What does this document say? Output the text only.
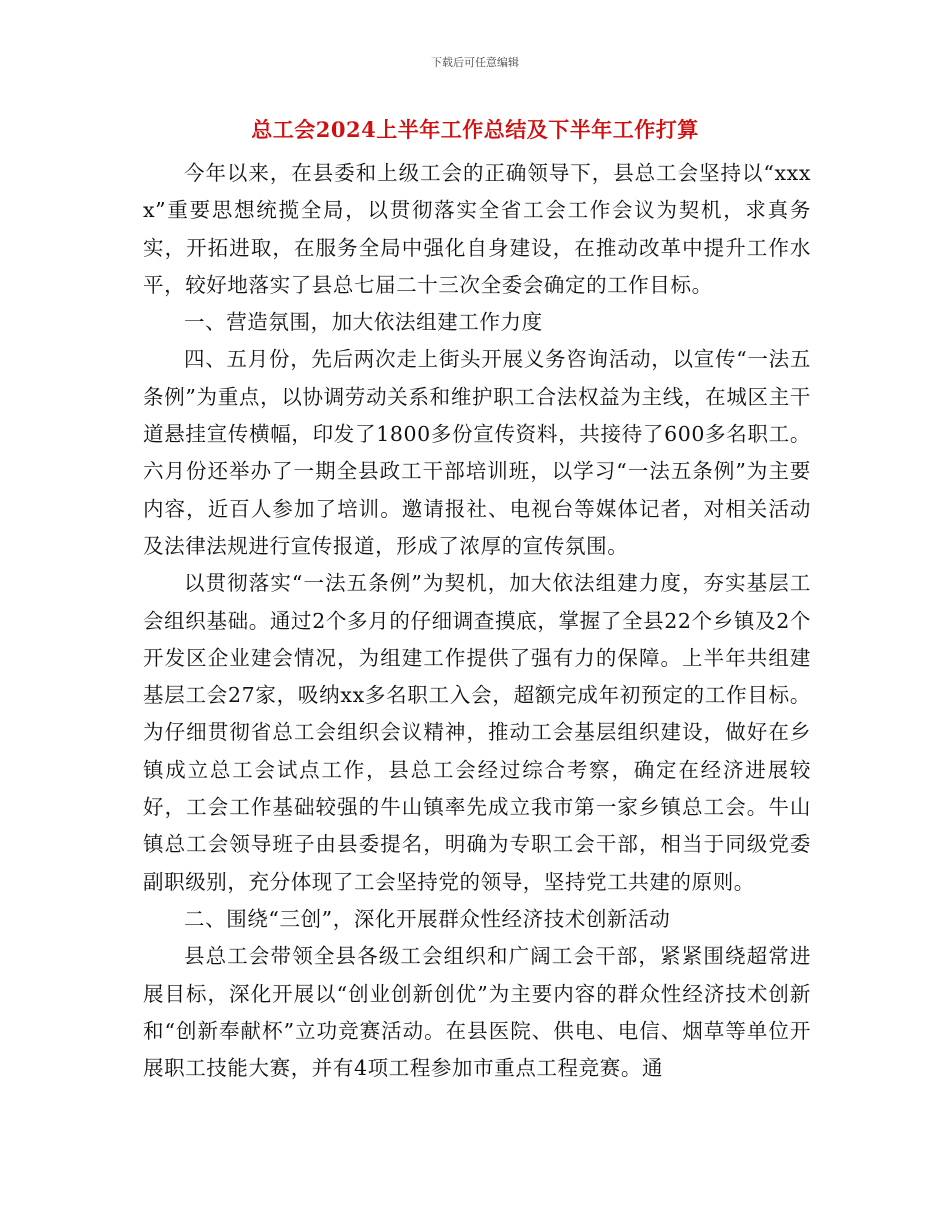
下载后可任意编辑
总工会2024上半年工作总结及下半年工作打算

今年以来，在县委和上级工会的正确领导下，县总工会坚持以“xxxx”重要思想统揽全局，以贯彻落实全省工会工作会议为契机，求真务实，开拓进取，在服务全局中强化自身建设，在推动改革中提升工作水平，较好地落实了县总七届二十三次全委会确定的工作目标。

一、营造氛围，加大依法组建工作力度

四、五月份，先后两次走上街头开展义务咨询活动，以宣传“一法五条例”为重点，以协调劳动关系和维护职工合法权益为主线，在城区主干道悬挂宣传横幅，印发了1800多份宣传资料，共接待了600多名职工。六月份还举办了一期全县政工干部培训班，以学习“一法五条例”为主要内容，近百人参加了培训。邀请报社、电视台等媒体记者，对相关活动及法律法规进行宣传报道，形成了浓厚的宣传氛围。

以贯彻落实“一法五条例”为契机，加大依法组建力度，夯实基层工会组织基础。通过2个多月的仔细调查摸底，掌握了全县22个乡镇及2个开发区企业建会情况，为组建工作提供了强有力的保障。上半年共组建基层工会27家，吸纳xx多名职工入会，超额完成年初预定的工作目标。为仔细贯彻省总工会组织会议精神，推动工会基层组织建设，做好在乡镇成立总工会试点工作，县总工会经过综合考察，确定在经济进展较好，工会工作基础较强的牛山镇率先成立我市第一家乡镇总工会。牛山镇总工会领导班子由县委提名，明确为专职工会干部，相当于同级党委副职级别，充分体现了工会坚持党的领导，坚持党工共建的原则。

二、围绕“三创”，深化开展群众性经济技术创新活动

县总工会带领全县各级工会组织和广阔工会干部，紧紧围绕超常进展目标，深化开展以“创业创新创优”为主要内容的群众性经济技术创新和“创新奉献杯”立功竞赛活动。在县医院、供电、电信、烟草等单位开展职工技能大赛，并有4项工程参加市重点工程竞赛。通
